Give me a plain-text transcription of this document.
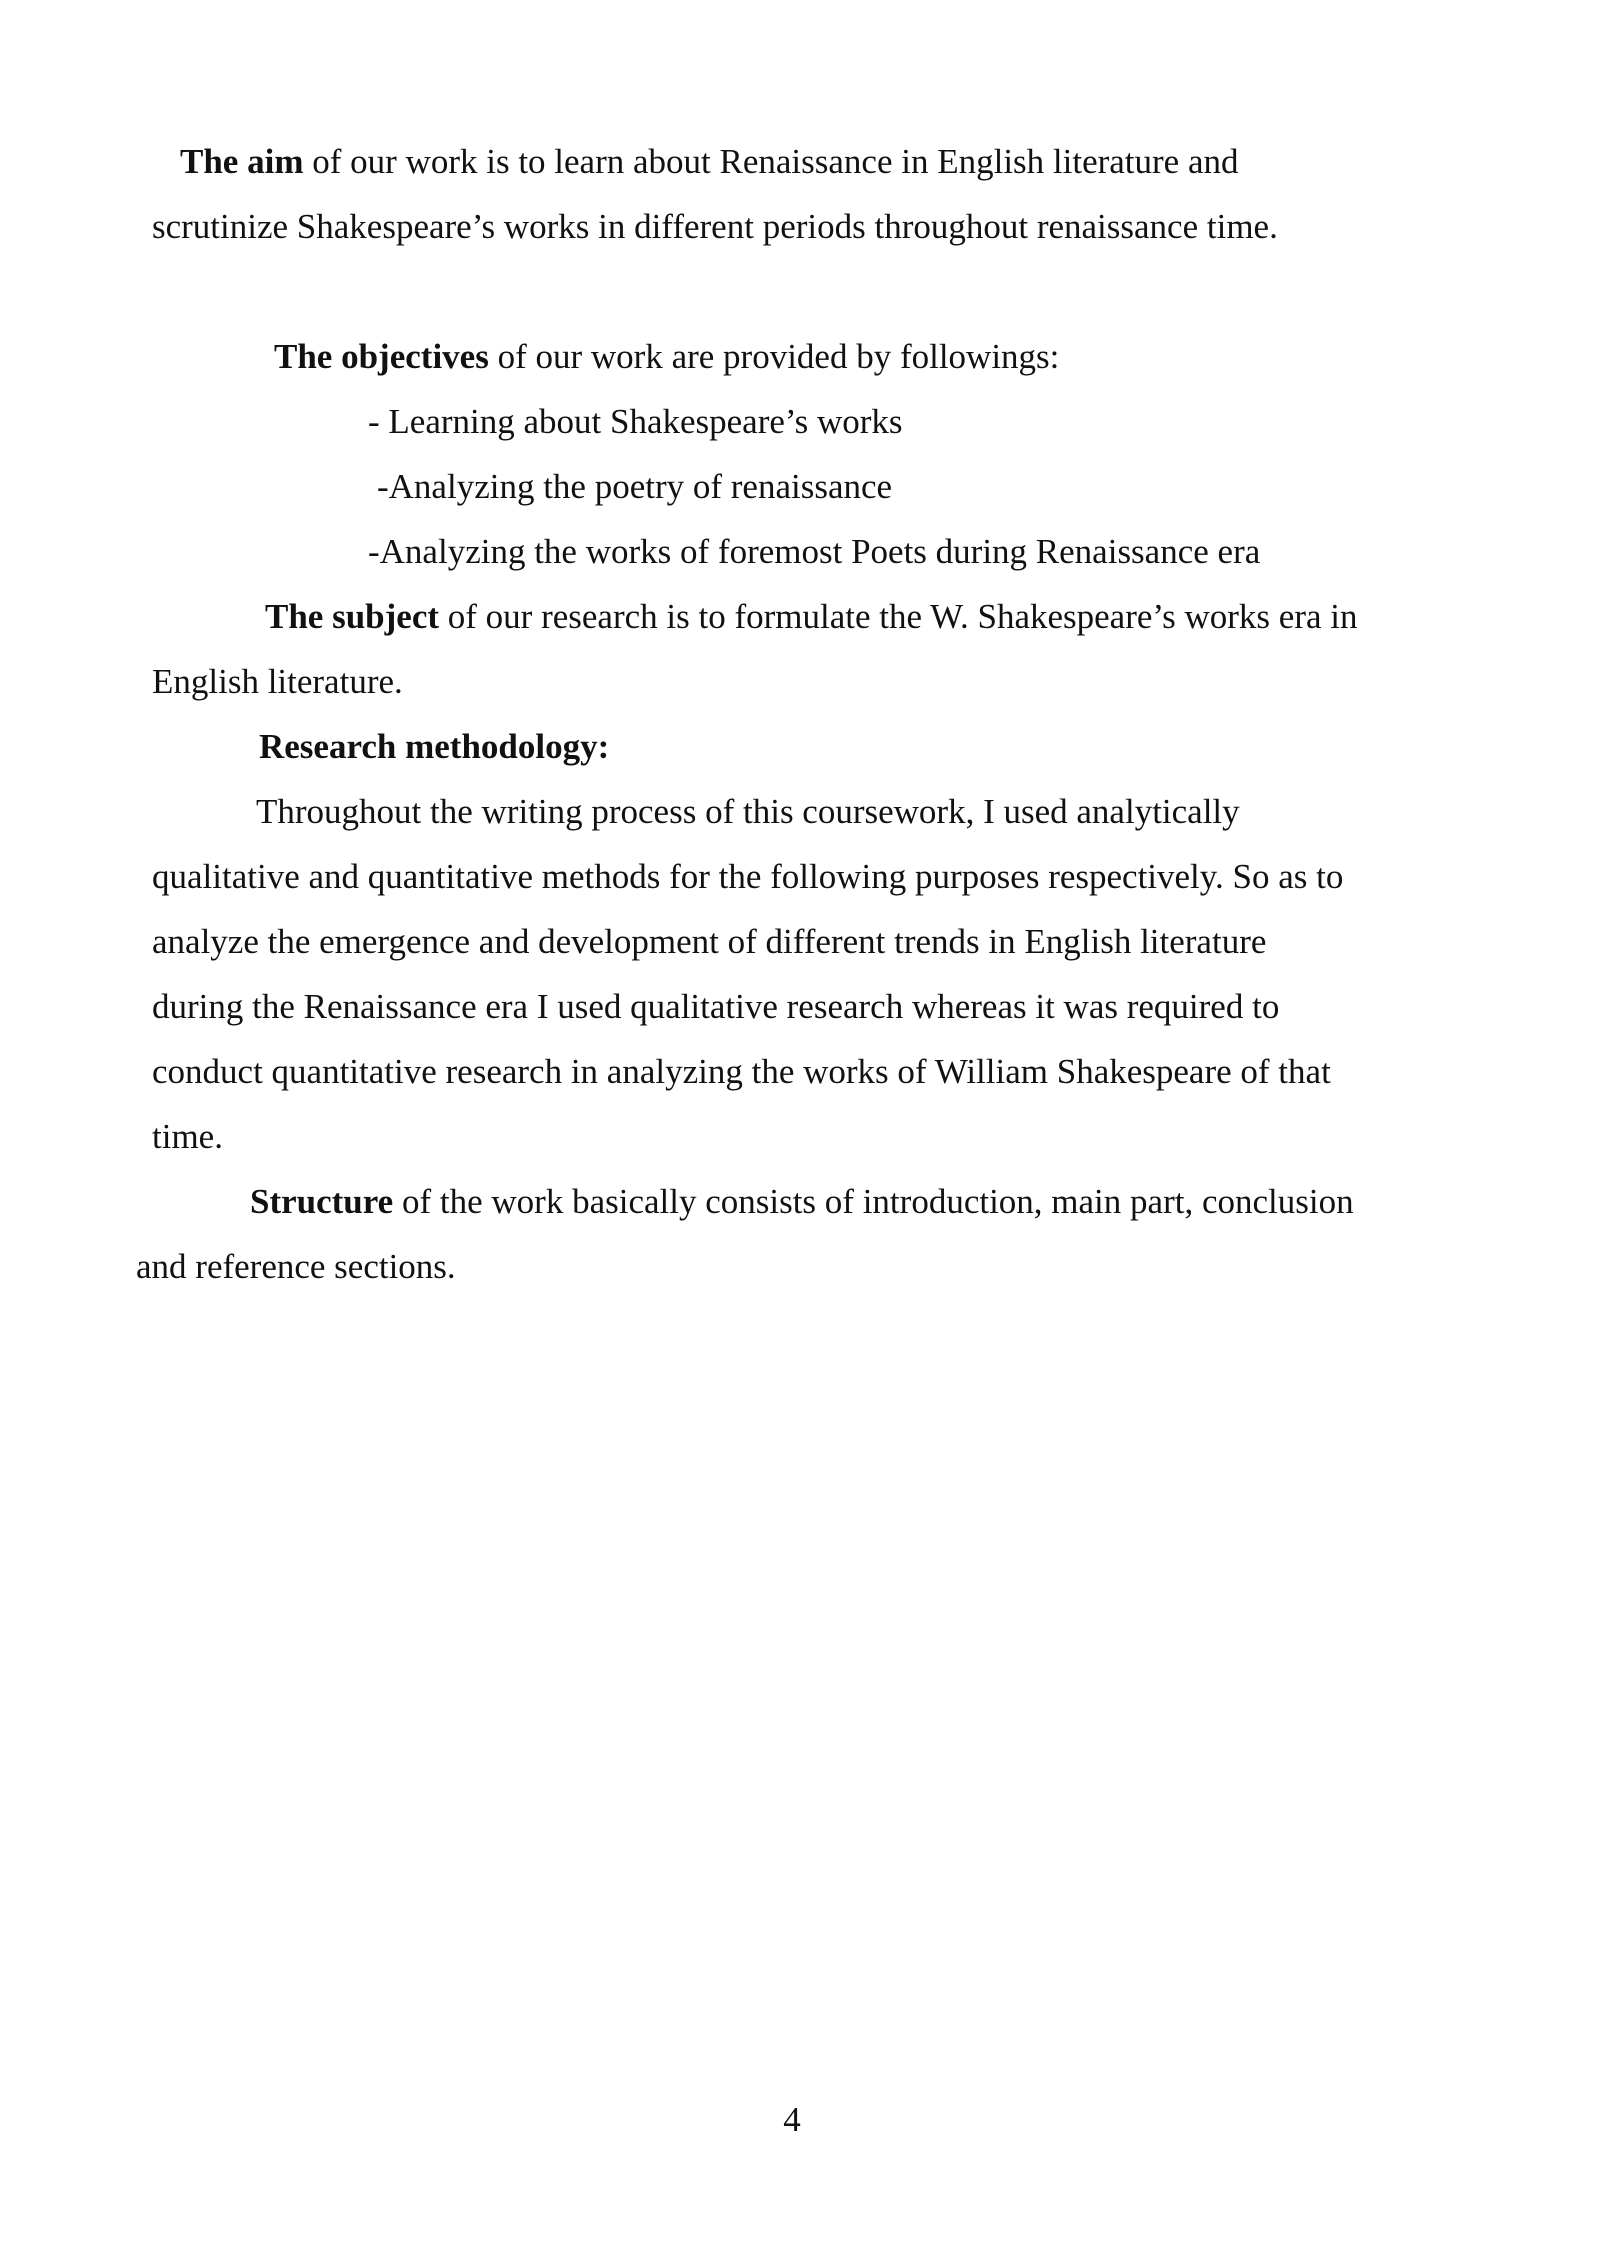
The aim of our work is to learn about Renaissance in English literature and
scrutinize Shakespeare’s works in different periods throughout renaissance time.
The objectives of our work are provided by followings:
- Learning about Shakespeare’s works
-Analyzing the poetry of renaissance
-Analyzing the works of foremost Poets during Renaissance era
The subject of our research is to formulate the W. Shakespeare’s works era in
English literature.
Research methodology:
Throughout the writing process of this coursework, I used analytically
qualitative and quantitative methods for the following purposes respectively. So as to
analyze the emergence and development of different trends in English literature
during the Renaissance era I used qualitative research whereas it was required to
conduct quantitative research in analyzing the works of William Shakespeare of that
time.
Structure of the work basically consists of introduction, main part, conclusion
and reference sections.
4
